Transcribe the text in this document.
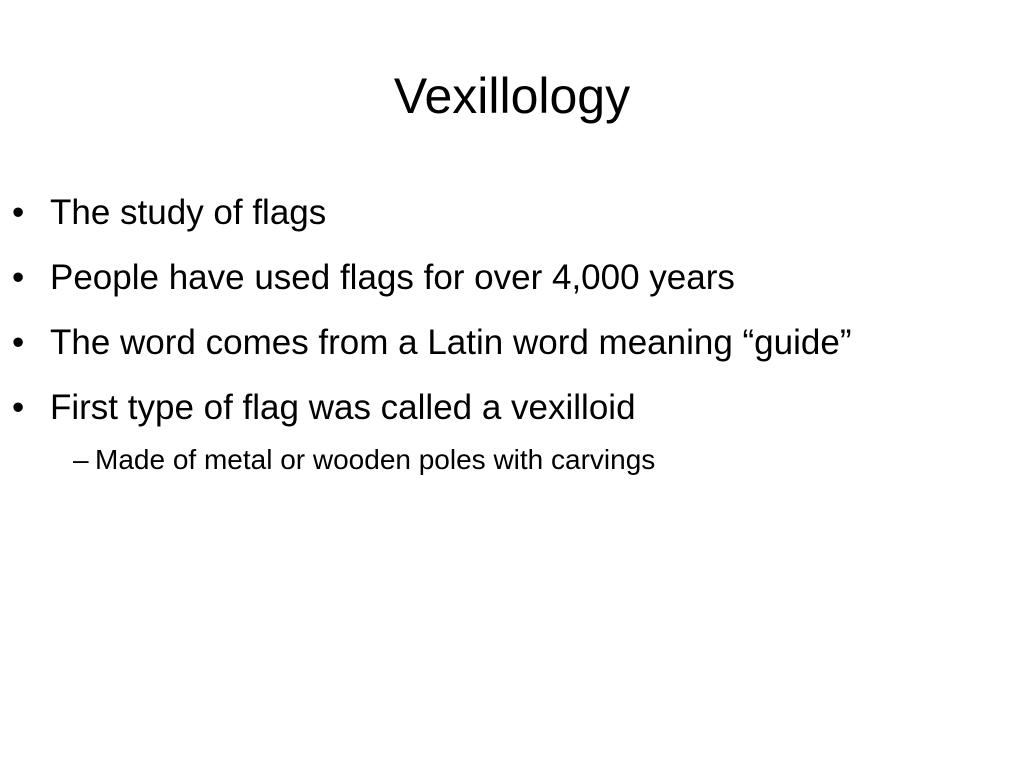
Vexillology
• The study of flags
• People have used flags for over 4,000 years
• The word comes from a Latin word meaning “guide”
• First type of flag was called a vexilloid
– Made of metal or wooden poles with carvings
